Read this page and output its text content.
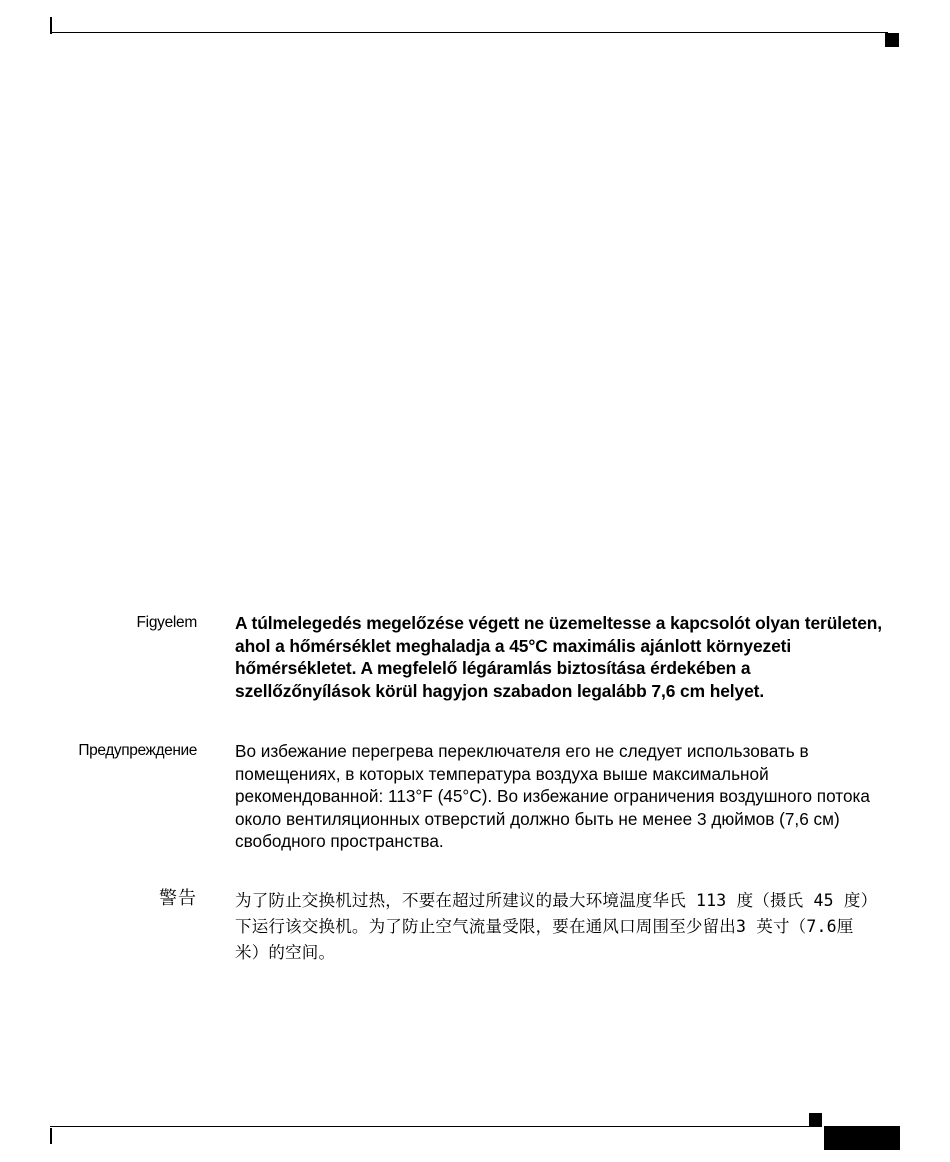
Figyelem A túlmelegedés megelőzése végett ne üzemeltesse a kapcsolót olyan területen, ahol a hőmérséklet meghaladja a 45°C maximális ajánlott környezeti hőmérsékletet. A megfelelő légáramlás biztosítása érdekében a szellőzőnyílások körül hagyjon szabadon legalább 7,6 cm helyet.
Предупреждение Во избежание перегрева переключателя его не следует использовать в помещениях, в которых температура воздуха выше максимальной рекомендованной: 113°F (45°C). Во избежание ограничения воздушного потока около вентиляционных отверстий должно быть не менее 3 дюймов (7,6 см) свободного пространства.
警告 为了防止交换机过热，不要在超过所建议的最大环境温度华氏 113 度（摄氏 45 度）下运行该交换机。为了防止空气流量受限，要在通风口周围至少留出3 英寸（7.6厘米）的空间。
